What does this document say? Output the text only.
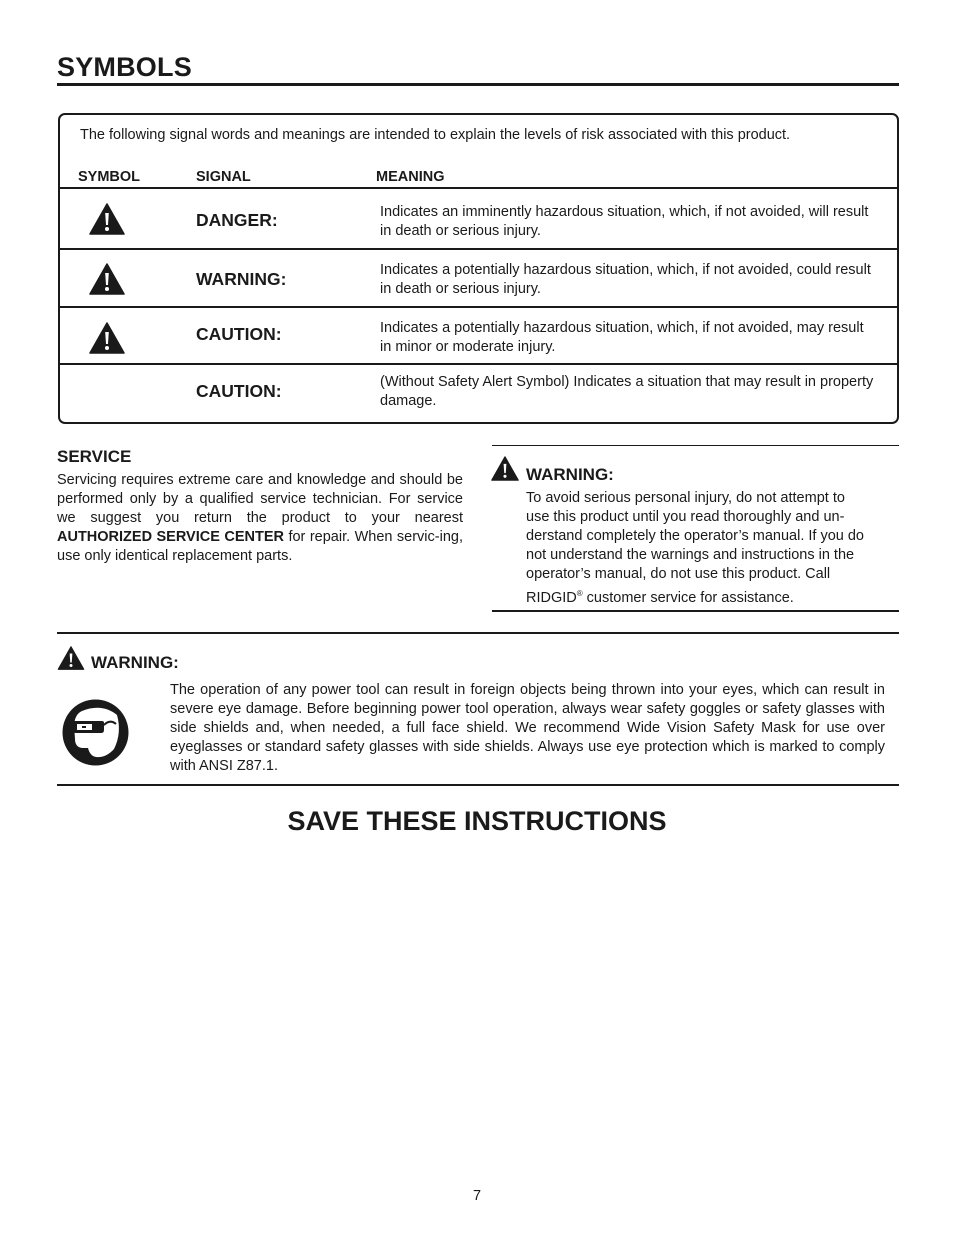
SYMBOLS
The following signal words and meanings are intended to explain the levels of risk associated with this product.
SYMBOL	SIGNAL	MEANING
DANGER:	Indicates an imminently hazardous situation, which, if not avoided, will result in death or serious injury.
WARNING:	Indicates a potentially hazardous situation, which, if not avoided, could result in death or serious injury.
CAUTION:	Indicates a potentially hazardous situation, which, if not avoided, may result in minor or moderate injury.
CAUTION:	(Without Safety Alert Symbol) Indicates a situation that may result in property damage.
SERVICE
Servicing requires extreme care and knowledge and should be performed only by a qualified service technician. For service we suggest you return the product to your nearest AUTHORIZED SERVICE CENTER for repair. When servic-ing, use only identical replacement parts.
WARNING:
To avoid serious personal injury, do not attempt to use this product until you read thoroughly and un-derstand completely the operator’s manual. If you do not understand the warnings and instructions in the operator’s manual, do not use this product. Call RIDGID® customer service for assistance.
WARNING:
The operation of any power tool can result in foreign objects being thrown into your eyes, which can result in severe eye damage. Before beginning power tool operation, always wear safety goggles or safety glasses with side shields and, when needed, a full face shield. We recommend Wide Vision Safety Mask for use over eyeglasses or standard safety glasses with side shields. Always use eye protection which is marked to comply with ANSI Z87.1.
SAVE THESE INSTRUCTIONS
7
